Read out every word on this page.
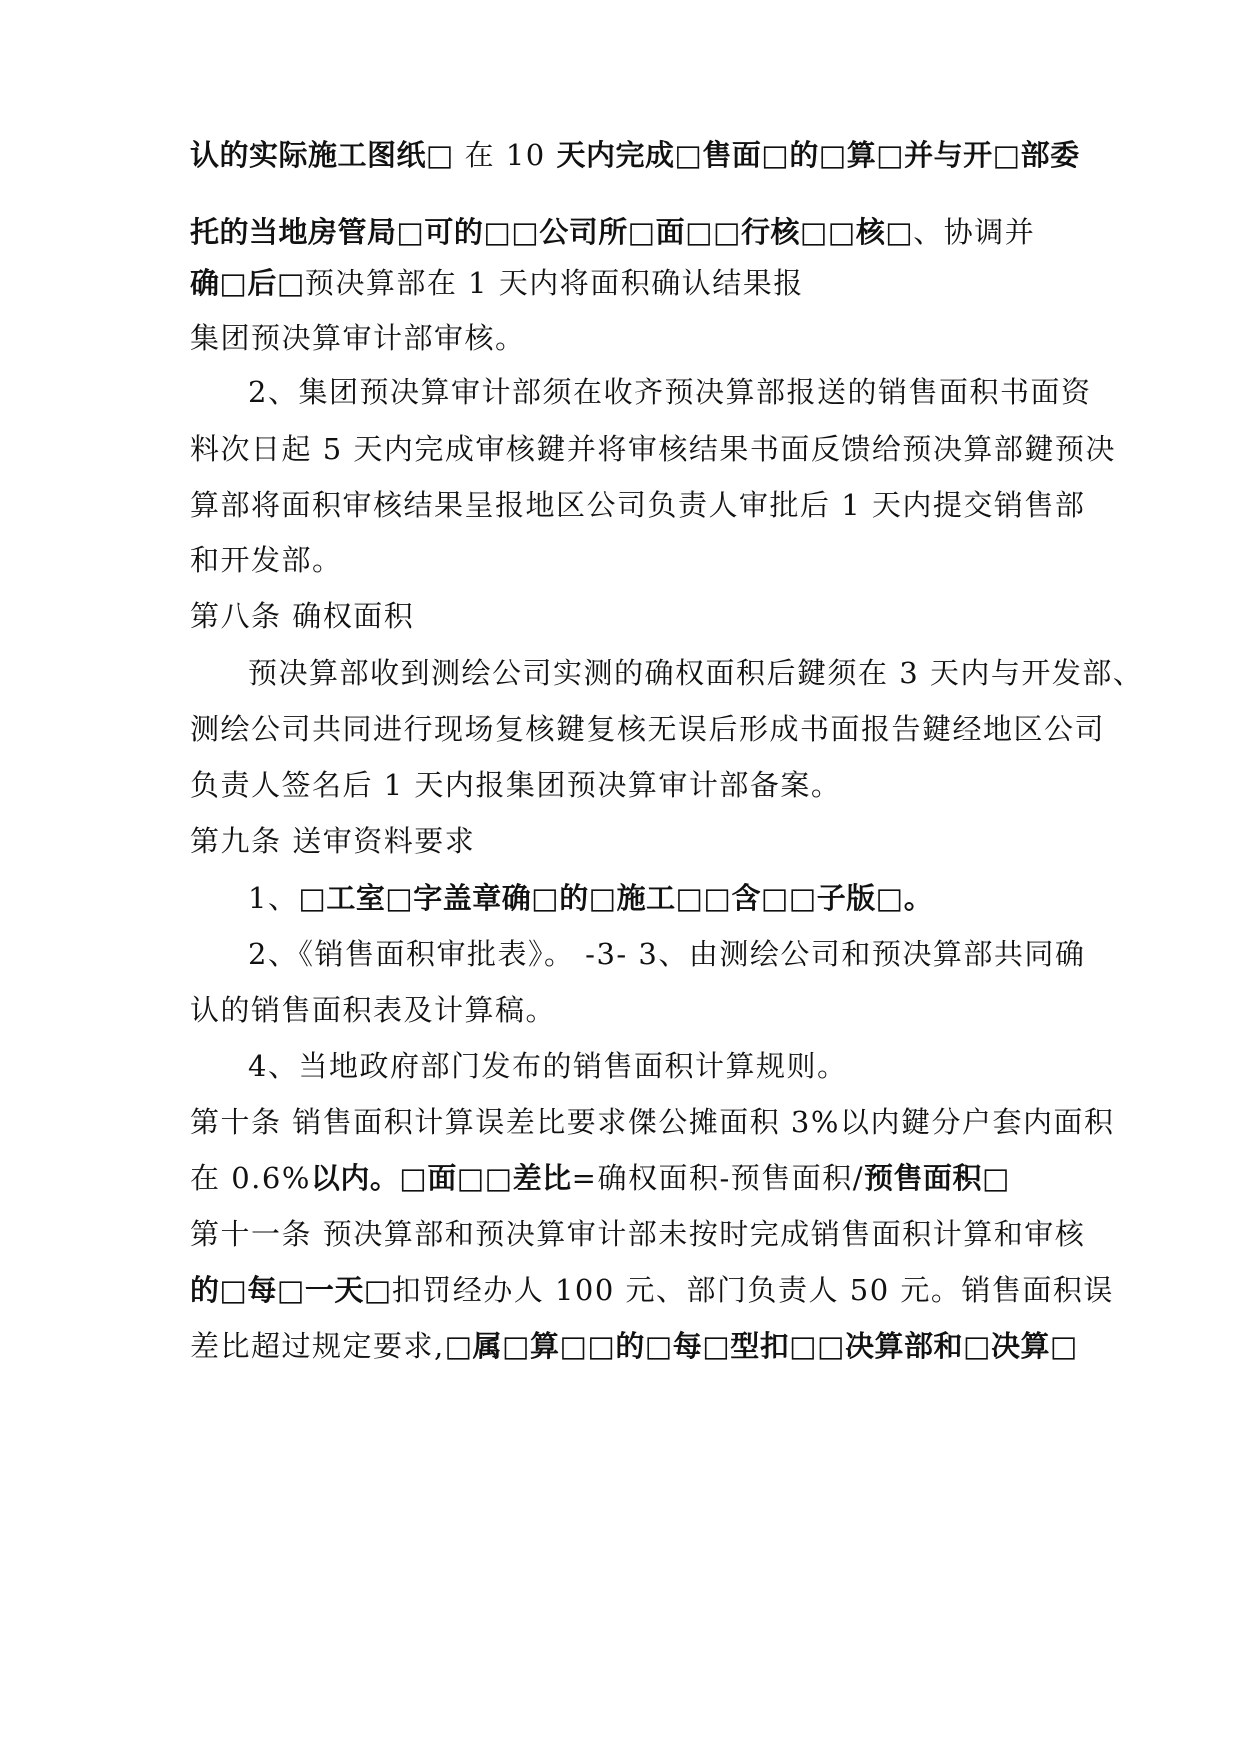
认的实际施工图纸□ 在 10 天内完成□售面□的□算□并与开□部委
托的当地房管局□可的□□公司所□面□□行核□□核□、协调并
确□后□预决算部在 1 天内将面积确认结果报
集团预决算审计部审核。
2、集团预决算审计部须在收齐预决算部报送的销售面积书面资
料次日起 5 天内完成审核鍵并将审核结果书面反馈给预决算部鍵预决
算部将面积审核结果呈报地区公司负责人审批后 1 天内提交销售部
和开发部。
第八条 确权面积
预决算部收到测绘公司实测的确权面积后鍵须在 3 天内与开发部、
测绘公司共同进行现场复核鍵复核无误后形成书面报告鍵经地区公司
负责人签名后 1 天内报集团预决算审计部备案。
第九条 送审资料要求
1、□工室□字盖章确□的□施工□□含□□子版□。
2、《销售面积审批表》。 -3- 3、由测绘公司和预决算部共同确
认的销售面积表及计算稿。
4、当地政府部门发布的销售面积计算规则。
第十条 销售面积计算误差比要求傑公摊面积 3%以内鍵分户套内面积
在 0.6%以内。□面□□差比=确权面积-预售面积/预售面积□
第十一条 预决算部和预决算审计部未按时完成销售面积计算和审核
的□每□一天□扣罚经办人 100 元、部门负责人 50 元。销售面积误
差比超过规定要求,□属□算□□的□每□型扣□□决算部和□决算□
